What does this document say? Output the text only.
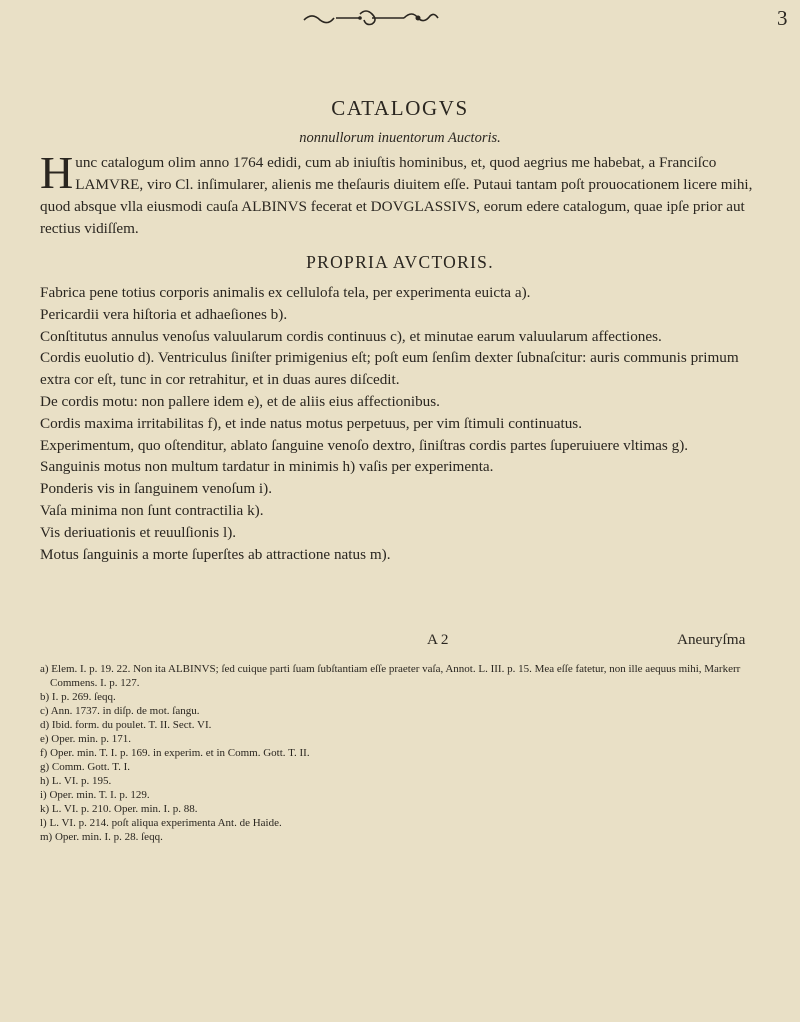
3
CATALOGVS
nonnullorum inuentorum Auctoris.
H unc catalogum olim anno 1764 edidi, cum ab iniuſtis hominibus, et, quod aegrius me habebat, a Franciſco LAMVRE, viro Cl. inſimularer, alienis me theſauris diuitem eſſe. Putaui tantam poſt prouocationem licere mihi, quod absque vlla eiusmodi cauſa ALBINVS fecerat et DOVGLASSIVS, eorum edere catalogum, quae ipſe prior aut rectius vidiſſem.
PROPRIA AVCTORIS.

Fabrica pene totius corporis animalis ex cellulofa tela, per experimenta euicta a).

Pericardii vera hiſtoria et adhaeſiones b).

Conſtitutus annulus venoſus valuularum cordis continuus c), et minutae earum valuularum affectiones.

Cordis euolutio d). Ventriculus ſiniſter primigenius eſt; poſt eum ſenſim dexter ſubnaſcitur: auris communis primum extra cor eſt, tunc in cor retrahitur, et in duas aures diſcedit.

De cordis motu: non pallere idem e), et de aliis eius affectionibus.

Cordis maxima irritabilitas f), et inde natus motus perpetuus, per vim ſtimuli continuatus.

Experimentum, quo oſtenditur, ablato ſanguine venoſo dextro, ſiniſtras cordis partes ſuperuiuere vltimas g).

Sanguinis motus non multum tardatur in minimis h) vaſis per experimenta.

Ponderis vis in ſanguinem venoſum i).

Vaſa minima non ſunt contractilia k).

Vis deriuationis et reuulſionis l).

Motus ſanguinis a morte ſuperſtes ab attractione natus m).

A 2	Aneuryſma

a) Elem. I. p. 19. 22. Non ita ALBINVS; ſed cuique parti ſuam ſubſtantiam eſſe praeter vaſa, Annot. L. III. p. 15. Mea eſſe fatetur, non ille aequus mihi, Markerr Commens. I. p. 127.

b) I. p. 269. ſeqq.

c) Ann. 1737. in diſp. de mot. ſangu.

d) Ibid. form. du poulet. T. II. Sect. VI.

e) Oper. min. p. 171.

f) Oper. min. T. I. p. 169. in experim. et in Comm. Gott. T. II.

g) Comm. Gott. T. I.

h) L. VI. p. 195.

i) Oper. min. T. I. p. 129.

k) L. VI. p. 210. Oper. min. I. p. 88.

l) L. VI. p. 214. poſt aliqua experimenta Ant. de Haide.

m) Oper. min. I. p. 28. ſeqq.
